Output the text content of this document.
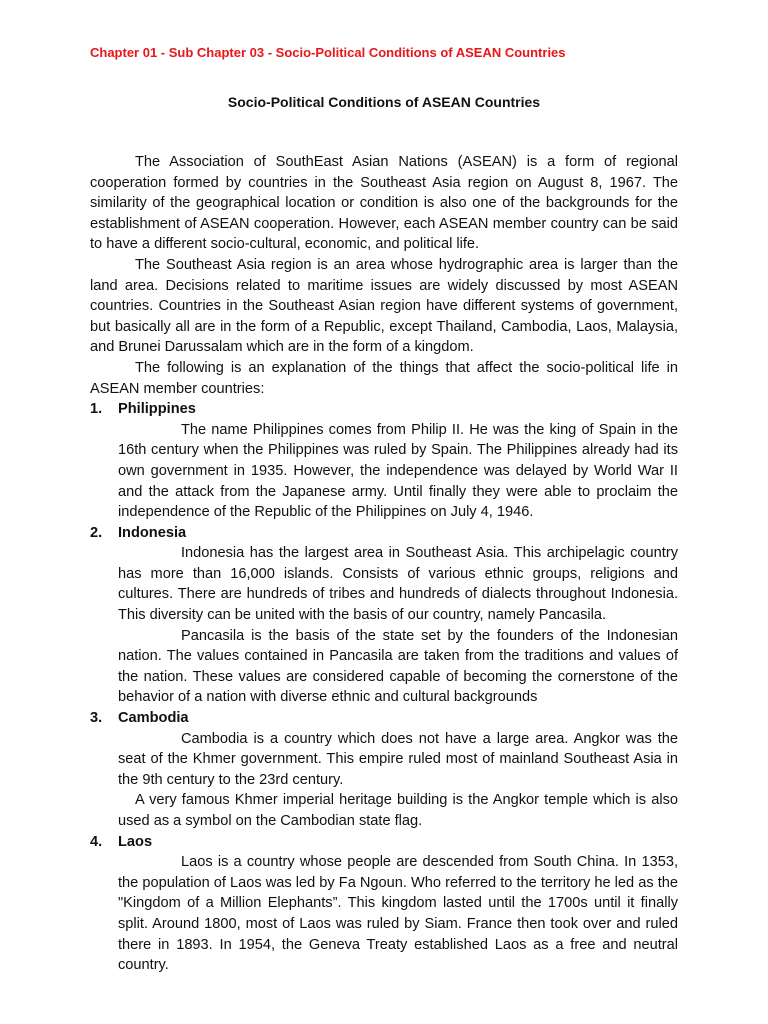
Chapter 01 - Sub Chapter 03 - Socio-Political Conditions of ASEAN Countries
Socio-Political Conditions of ASEAN Countries

The Association of SouthEast Asian Nations (ASEAN) is a form of regional cooperation formed by countries in the Southeast Asia region on August 8, 1967. The similarity of the geographical location or condition is also one of the backgrounds for the establishment of ASEAN cooperation. However, each ASEAN member country can be said to have a different socio-cultural, economic, and political life.

The Southeast Asia region is an area whose hydrographic area is larger than the land area. Decisions related to maritime issues are widely discussed by most ASEAN countries. Countries in the Southeast Asian region have different systems of government, but basically all are in the form of a Republic, except Thailand, Cambodia, Laos, Malaysia, and Brunei Darussalam which are in the form of a kingdom.

The following is an explanation of the things that affect the socio-political life in ASEAN member countries:

1.	Philippines

The name Philippines comes from Philip II. He was the king of Spain in the 16th century when the Philippines was ruled by Spain. The Philippines already had its own government in 1935. However, the independence was delayed by World War II and the attack from the Japanese army. Until finally they were able to proclaim the independence of the Republic of the Philippines on July 4, 1946.

2.	Indonesia

Indonesia has the largest area in Southeast Asia. This archipelagic country has more than 16,000 islands. Consists of various ethnic groups, religions and cultures. There are hundreds of tribes and hundreds of dialects throughout Indonesia. This diversity can be united with the basis of our country, namely Pancasila.

Pancasila is the basis of the state set by the founders of the Indonesian nation. The values contained in Pancasila are taken from the traditions and values of the nation. These values are considered capable of becoming the cornerstone of the behavior of a nation with diverse ethnic and cultural backgrounds

3.	Cambodia

Cambodia is a country which does not have a large area. Angkor was the seat of the Khmer government. This empire ruled most of mainland Southeast Asia in the 9th century to the 23rd century.

A very famous Khmer imperial heritage building is the Angkor temple which is also used as a symbol on the Cambodian state flag.

4.	Laos

Laos is a country whose people are descended from South China. In 1353, the population of Laos was led by Fa Ngoun. Who referred to the territory he led as the "Kingdom of a Million Elephants”. This kingdom lasted until the 1700s until it finally split. Around 1800, most of Laos was ruled by Siam. France then took over and ruled there in 1893. In 1954, the Geneva Treaty established Laos as a free and neutral country.
